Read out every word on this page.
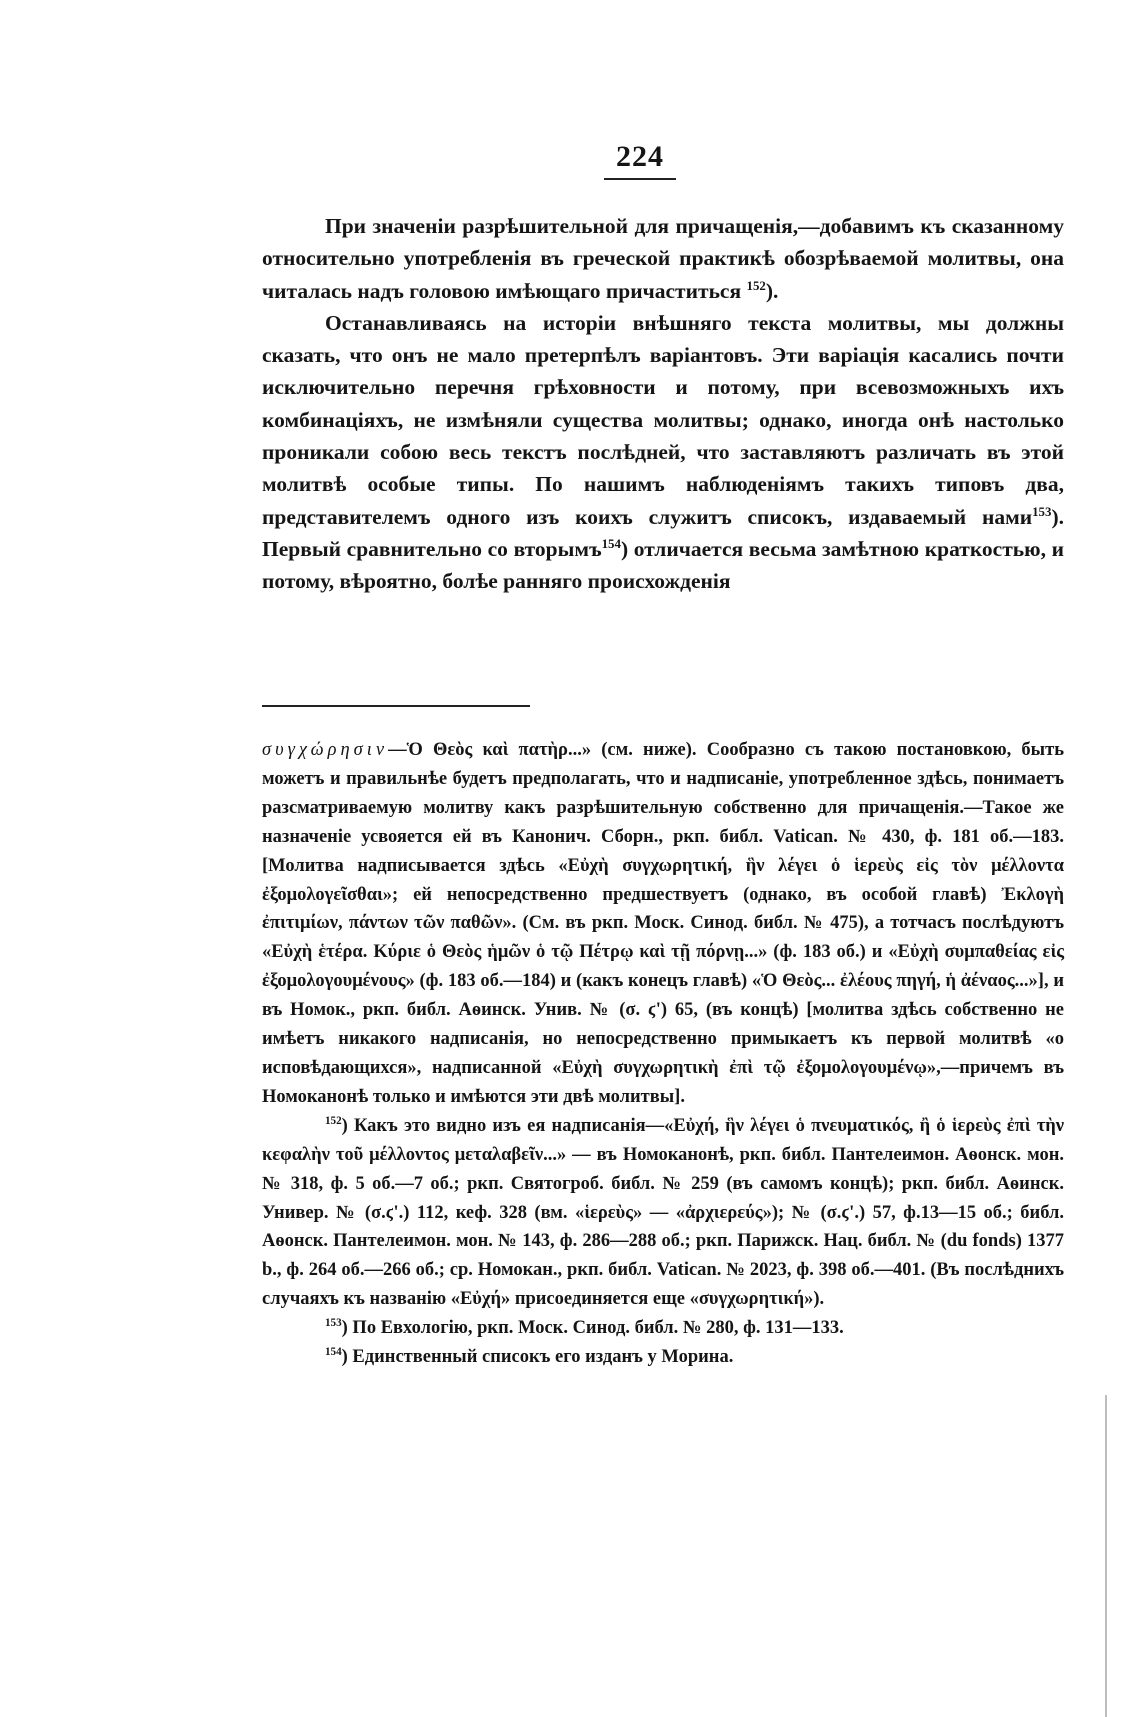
224

При значеніи разрѣшительной для причащенія,—добавимъ къ сказанному относительно употребленія въ греческой практикѣ обозрѣваемой молитвы, она читалась надъ головою имѣющаго причаститься $^{152}$).

Останавливаясь на исторіи внѣшняго текста молитвы, мы должны сказать, что онъ не мало претерпѣлъ варіантовъ. Эти варіація касались почти исключительно перечня грѣховности и потому, при всевозможныхъ ихъ комбинаціяхъ, не измѣняли существа молитвы; однако, иногда онѣ настолько проникали собою весь текстъ послѣдней, что заставляютъ различать въ этой молитвѣ особые типы. По нашимъ наблюденіямъ такихъ типовъ два, представителемъ одного изъ коихъ служитъ списокъ, издаваемый нами$^{153}$). Первый сравнительно со вторымъ$^{154}$) отличается весьма замѣтною краткостью, и потому, вѣроятно, болѣе ранняго происхожденія

συγχώρησιν—Ὁ Θεὸς καὶ πατὴρ...» (см. ниже). Сообразно съ такою постановкою, быть можетъ и правильнѣе будетъ предполагать, что и надписаніе, употребленное здѣсь, понимаетъ разсматриваемую молитву какъ разрѣшительную собственно для причащенія.—Такое же назначеніе усвояется ей въ Канонич. Сборн., ркп. библ. Vatican. № 430, ф. 181 об.—183. [Молитва надписывается здѣсь «Εὐχὴ συγχωρητική, ἣν λέγει ὁ ἱερεὺς εἰς τὸν μέλλοντα ἐξομολογεῖσθαι»; ей непосредственно предшествуетъ (однако, въ особой главѣ) Ἐκλογὴ ἐπιτιμίων, πάντων τῶν παθῶν». (См. въ ркп. Моск. Синод. библ. № 475), а тотчасъ послѣдуютъ «Εὐχὴ ἑτέρα. Κύριε ὁ Θεὸς ἡμῶν ὁ τῷ Πέτρῳ καὶ τῇ πόρνῃ...» (ф. 183 об.) и «Εὐχὴ συμπαθείας εἰς ἐξομολογουμένους» (ф. 183 об.—184) и (какъ конецъ главѣ) «Ὁ Θεὸς... ἐλέους πηγή, ἡ ἀέναος...»], и въ Номок., ркп. библ. Аѳинск. Унив. № (σ. ϛ') 65, (въ концѣ) [молитва здѣсь собственно не имѣетъ никакого надписанія, но непосредственно примыкаетъ къ первой молитвѣ «о исповѣдающихся», надписанной «Εὐχὴ συγχωρητικὴ ἐπὶ τῷ ἐξομολογουμένῳ»,—причемъ въ Номоканонѣ только и имѣются эти двѣ молитвы].

$^{152}$) Какъ это видно изъ ея надписанія—«Εὐχή, ἣν λέγει ὁ πνευματικός, ἢ ὁ ἱερεὺς ἐπὶ τὴν κεφαλὴν τοῦ μέλλοντος μεταλαβεῖν...» — въ Номоканонѣ, ркп. библ. Пантелеимон. Аѳонск. мон. № 318, ф. 5 об.—7 об.; ркп. Святогроб. библ. № 259 (въ самомъ концѣ); ркп. библ. Аѳинск. Универ. № (σ.ϛ'.) 112, кеф. 328 (вм. «ἱερεὺς» — «ἀρχιερεύς»); № (σ.ϛ'.) 57, ф.13—15 об.; библ. Аѳонск. Пантелеимон. мон. № 143, ф. 286—288 об.; ркп. Парижск. Нац. библ. № (du fonds) 1377 b., ф. 264 об.—266 об.; ср. Номокан., ркп. библ. Vatican. № 2023, ф. 398 об.—401. (Въ послѣднихъ случаяхъ къ названію «Εὐχή» присоединяется еще «συγχωρητική»).

$^{153}$) По Евхологію, ркп. Моск. Синод. библ. № 280, ф. 131—133.

$^{154}$) Единственный списокъ его изданъ у Морина.
